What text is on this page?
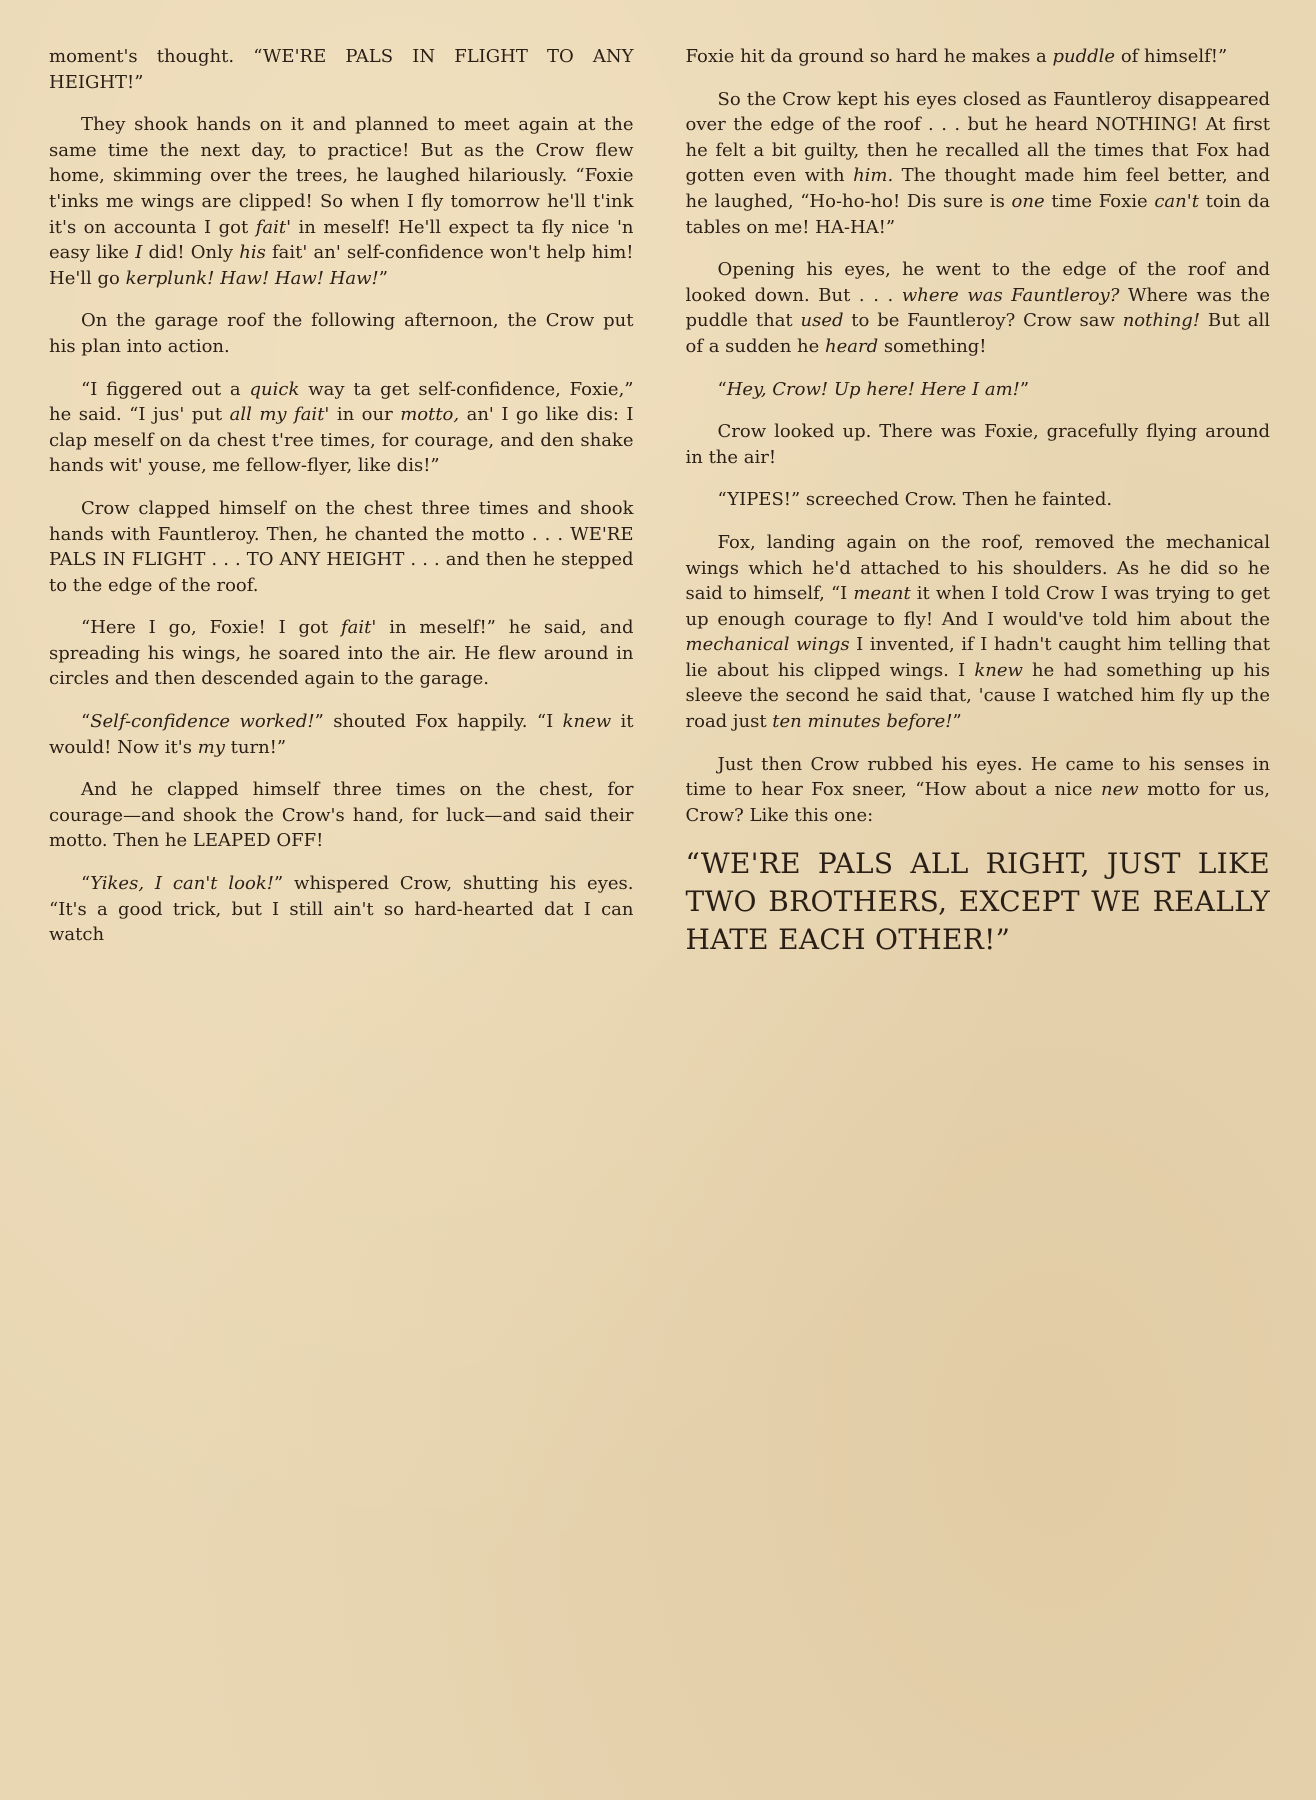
moment's thought. “WE'RE PALS IN FLIGHT TO ANY HEIGHT!”

They shook hands on it and planned to meet again at the same time the next day, to practice! But as the Crow flew home, skimming over the trees, he laughed hilariously. “Foxie t'inks me wings are clipped! So when I fly tomorrow he'll t'ink it's on accounta I got fait' in meself! He'll expect ta fly nice 'n easy like I did! Only his fait' an' self-confidence won't help him! He'll go kerplunk! Haw! Haw! Haw!”

On the garage roof the following afternoon, the Crow put his plan into action.

“I figgered out a quick way ta get self-confidence, Foxie,” he said. “I jus' put all my fait' in our motto, an' I go like dis: I clap meself on da chest t'ree times, for courage, and den shake hands wit' youse, me fellow-flyer, like dis!”

Crow clapped himself on the chest three times and shook hands with Fauntleroy. Then, he chanted the motto . . . WE'RE PALS IN FLIGHT . . . TO ANY HEIGHT . . . and then he stepped to the edge of the roof.

“Here I go, Foxie! I got fait' in meself!” he said, and spreading his wings, he soared into the air. He flew around in circles and then descended again to the garage.

“Self-confidence worked!” shouted Fox happily. “I knew it would! Now it's my turn!”

And he clapped himself three times on the chest, for courage—and shook the Crow's hand, for luck—and said their motto. Then he LEAPED OFF!

“Yikes, I can't look!” whispered Crow, shutting his eyes. “It's a good trick, but I still ain't so hard-hearted dat I can watch

Foxie hit da ground so hard he makes a puddle of himself!”

So the Crow kept his eyes closed as Fauntleroy disappeared over the edge of the roof . . . but he heard NOTHING! At first he felt a bit guilty, then he recalled all the times that Fox had gotten even with him. The thought made him feel better, and he laughed, “Ho-ho-ho! Dis sure is one time Foxie can't toin da tables on me! HA-HA!”

Opening his eyes, he went to the edge of the roof and looked down. But . . . where was Fauntleroy? Where was the puddle that used to be Fauntleroy? Crow saw nothing! But all of a sudden he heard something!

“Hey, Crow! Up here! Here I am!”

Crow looked up. There was Foxie, gracefully flying around in the air!

“YIPES!” screeched Crow. Then he fainted.

Fox, landing again on the roof, removed the mechanical wings which he'd attached to his shoulders. As he did so he said to himself, “I meant it when I told Crow I was trying to get up enough courage to fly! And I would've told him about the mechanical wings I invented, if I hadn't caught him telling that lie about his clipped wings. I knew he had something up his sleeve the second he said that, 'cause I watched him fly up the road just ten minutes before!”

Just then Crow rubbed his eyes. He came to his senses in time to hear Fox sneer, “How about a nice new motto for us, Crow? Like this one:

“WE'RE PALS ALL RIGHT, JUST LIKE TWO BROTHERS, EXCEPT WE REALLY HATE EACH OTHER!”
